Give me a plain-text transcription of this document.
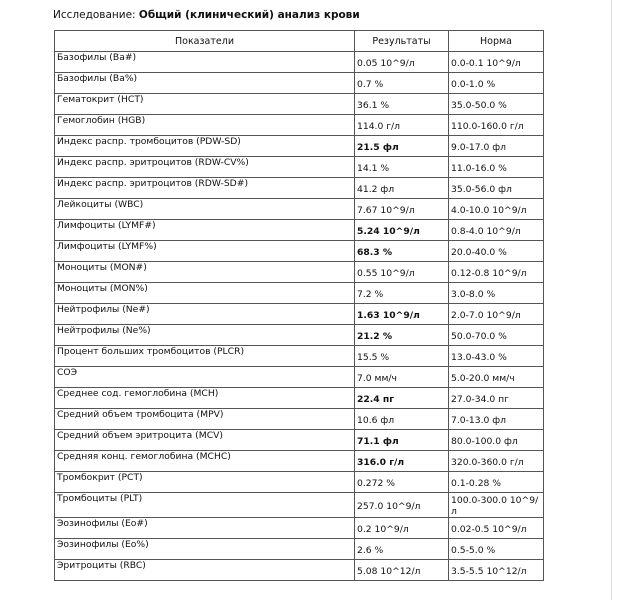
Исследование: Общий (клинический) анализ крови
Показатели	Результаты	Норма
Базофилы (Ba#)	0.05 10^9/л	0.0-0.1 10^9/л
Базофилы (Ba%)	0.7 %	0.0-1.0 %
Гематокрит (HCT)	36.1 %	35.0-50.0 %
Гемоглобин (HGB)	114.0 г/л	110.0-160.0 г/л
Индекс распр. тромбоцитов (PDW-SD)	21.5 фл	9.0-17.0 фл
Индекс распр. эритроцитов (RDW-CV%)	14.1 %	11.0-16.0 %
Индекс распр. эритроцитов (RDW-SD#)	41.2 фл	35.0-56.0 фл
Лейкоциты (WBC)	7.67 10^9/л	4.0-10.0 10^9/л
Лимфоциты (LYMF#)	5.24 10^9/л	0.8-4.0 10^9/л
Лимфоциты (LYMF%)	68.3 %	20.0-40.0 %
Моноциты (MON#)	0.55 10^9/л	0.12-0.8 10^9/л
Моноциты (MON%)	7.2 %	3.0-8.0 %
Нейтрофилы (Ne#)	1.63 10^9/л	2.0-7.0 10^9/л
Нейтрофилы (Ne%)	21.2 %	50.0-70.0 %
Процент больших тромбоцитов (PLCR)	15.5 %	13.0-43.0 %
СОЭ	7.0 мм/ч	5.0-20.0 мм/ч
Среднее сод. гемоглобина (MCH)	22.4 пг	27.0-34.0 пг
Средний объем тромбоцита (MPV)	10.6 фл	7.0-13.0 фл
Средний объем эритроцита (MCV)	71.1 фл	80.0-100.0 фл
Средняя конц. гемоглобина (MCHC)	316.0 г/л	320.0-360.0 г/л
Тромбокрит (PCT)	0.272 %	0.1-0.28 %
Тромбоциты (PLT)	257.0 10^9/л	100.0-300.0 10^9/л
Эозинофилы (Eo#)	0.2 10^9/л	0.02-0.5 10^9/л
Эозинофилы (Eo%)	2.6 %	0.5-5.0 %
Эритроциты (RBC)	5.08 10^12/л	3.5-5.5 10^12/л
